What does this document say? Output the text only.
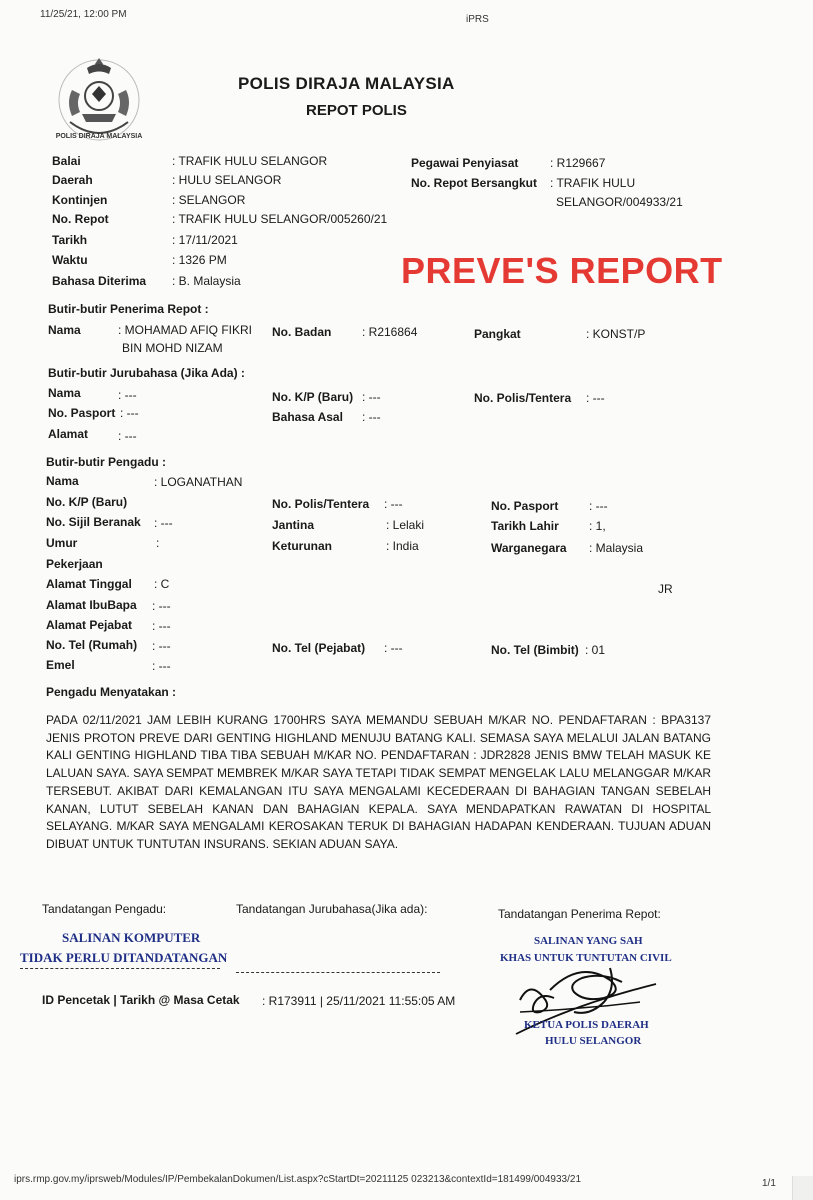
11/25/21, 12:00 PM	iPRS
POLIS DIRAJA MALAYSIA
POLIS DIRAJA MALAYSIA
REPOT POLIS
Balai	: TRAFIK HULU SELANGOR
Daerah	: HULU SELANGOR
Kontinjen	: SELANGOR
No. Repot	: TRAFIK HULU SELANGOR/005260/21
Tarikh	: 17/11/2021
Waktu	: 1326 PM
Bahasa Diterima : B. Malaysia
Pegawai Penyiasat	: R129667
No. Repot Bersangkut : TRAFIK HULU
SELANGOR/004933/21
PREVE'S REPORT
Butir-butir Penerima Repot :
Nama	: MOHAMAD AFIQ FIKRI
BIN MOHD NIZAM
No. Badan	: R216864	Pangkat	: KONST/P
Butir-butir Jurubahasa (Jika Ada) :
Nama	: ---	No. K/P (Baru) : ---	No. Polis/Tentera : ---
No. Pasport : ---	Bahasa Asal : ---
Alamat : ---
Butir-butir Pengadu :
Nama	: LOGANATHAN
No. K/P (Baru)	No. Polis/Tentera : ---	No. Pasport	: ---
No. Sijil Beranak : ---	Jantina	: Lelaki	Tarikh Lahir	: 1,
Umur	:	Keturunan	: India	Warganegara : Malaysia
Pekerjaan
Alamat Tinggal : C	JR
Alamat IbuBapa : ---
Alamat Pejabat : ---
No. Tel (Rumah) : ---	No. Tel (Pejabat) : ---	No. Tel (Bimbit) : 01
Emel	: ---
Pengadu Menyatakan :
PADA 02/11/2021 JAM LEBIH KURANG 1700HRS SAYA MEMANDU SEBUAH M/KAR NO. PENDAFTARAN : BPA3137 JENIS PROTON PREVE DARI GENTING HIGHLAND MENUJU BATANG KALI. SEMASA SAYA MELALUI JALAN BATANG KALI GENTING HIGHLAND TIBA TIBA SEBUAH M/KAR NO. PENDAFTARAN : JDR2828 JENIS BMW TELAH MASUK KE LALUAN SAYA. SAYA SEMPAT MEMBREK M/KAR SAYA TETAPI TIDAK SEMPAT MENGELAK LALU MELANGGAR M/KAR TERSEBUT. AKIBAT DARI KEMALANGAN ITU SAYA MENGALAMI KECEDERAAN DI BAHAGIAN TANGAN SEBELAH KANAN, LUTUT SEBELAH KANAN DAN BAHAGIAN KEPALA. SAYA MENDAPATKAN RAWATAN DI HOSPITAL SELAYANG. M/KAR SAYA MENGALAMI KEROSAKAN TERUK DI BAHAGIAN HADAPAN KENDERAAN. TUJUAN ADUAN DIBUAT UNTUK TUNTUTAN INSURANS. SEKIAN ADUAN SAYA.
Tandatangan Pengadu:	Tandatangan Jurubahasa(Jika ada):	Tandatangan Penerima Repot:
SALINAN KOMPUTER
TIDAK PERLU DITANDATANGAN
SALINAN YANG SAH
KHAS UNTUK TUNTUTAN CIVIL
KETUA POLIS DAERAH
HULU SELANGOR
ID Pencetak | Tarikh @ Masa Cetak : R173911 | 25/11/2021 11:55:05 AM
iprs.rmp.gov.my/iprsweb/Modules/IP/PembekalanDokumen/List.aspx?cStartDt=20211125 023213&contextId=181499/004933/21	1/1
